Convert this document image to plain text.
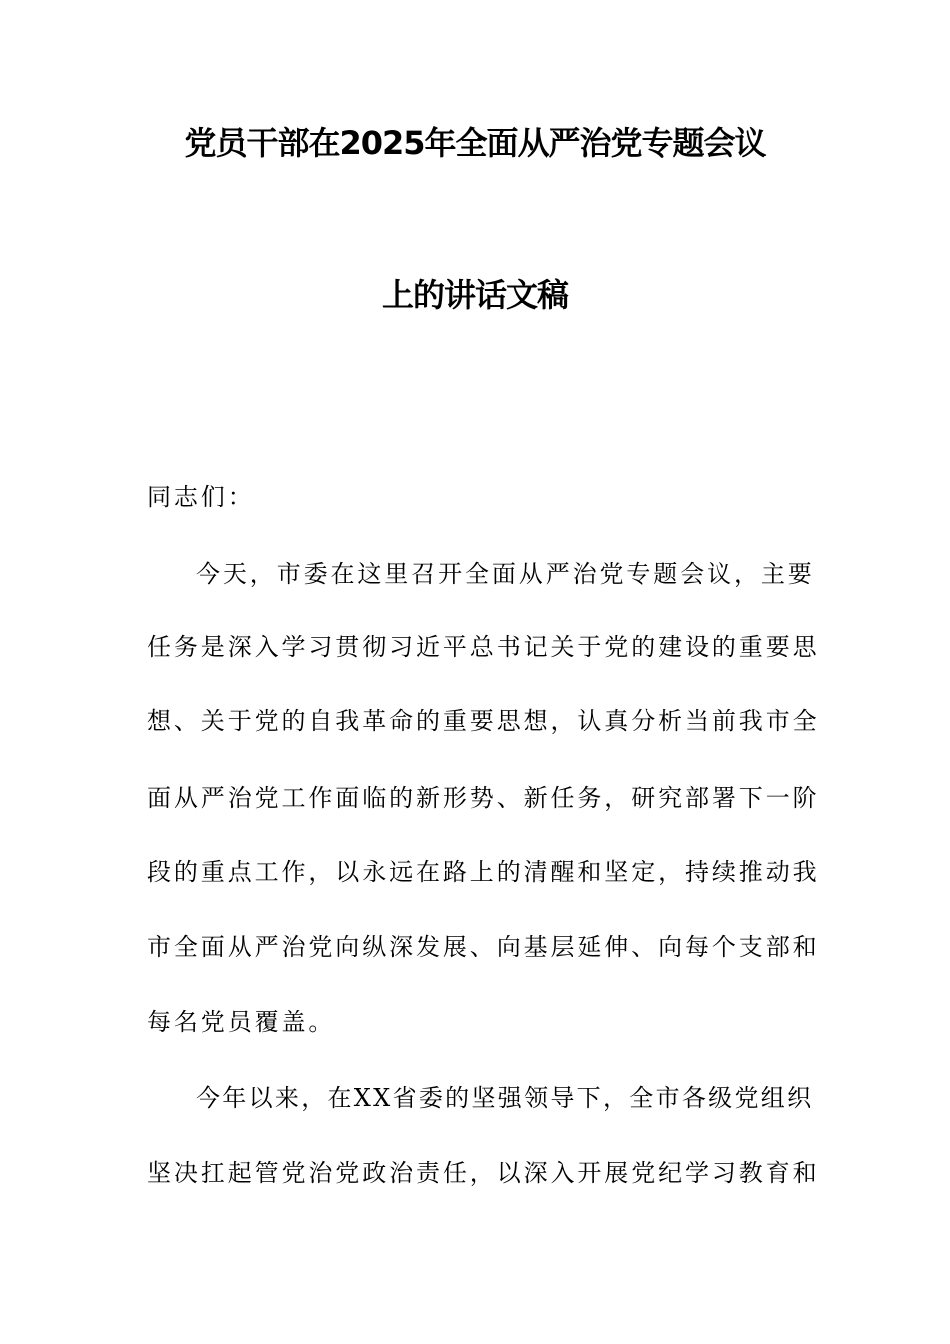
党员干部在2025年全面从严治党专题会议
上的讲话文稿
同志们：
今天，市委在这里召开全面从严治党专题会议，主要
任务是深入学习贯彻习近平总书记关于党的建设的重要思
想、关于党的自我革命的重要思想，认真分析当前我市全
面从严治党工作面临的新形势、新任务，研究部署下一阶
段的重点工作，以永远在路上的清醒和坚定，持续推动我
市全面从严治党向纵深发展、向基层延伸、向每个支部和
每名党员覆盖。
今年以来，在XX省委的坚强领导下，全市各级党组织
坚决扛起管党治党政治责任，以深入开展党纪学习教育和
